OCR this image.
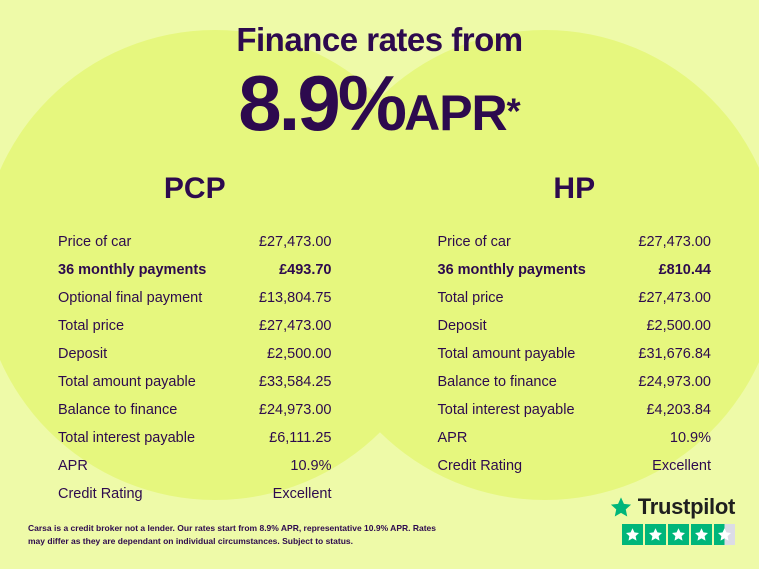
Finance rates from
8.9%APR*
PCP
Price of car	£27,473.00
36 monthly payments	£493.70
Optional final payment	£13,804.75
Total price	£27,473.00
Deposit	£2,500.00
Total amount payable	£33,584.25
Balance to finance	£24,973.00
Total interest payable	£6,111.25
APR	10.9%
Credit Rating	Excellent
HP
Price of car	£27,473.00
36 monthly payments	£810.44
Total price	£27,473.00
Deposit	£2,500.00
Total amount payable	£31,676.84
Balance to finance	£24,973.00
Total interest payable	£4,203.84
APR	10.9%
Credit Rating	Excellent
Carsa is a credit broker not a lender. Our rates start from 8.9% APR, representative 10.9% APR. Rates may differ as they are dependant on individual circumstances. Subject to status.
Trustpilot
